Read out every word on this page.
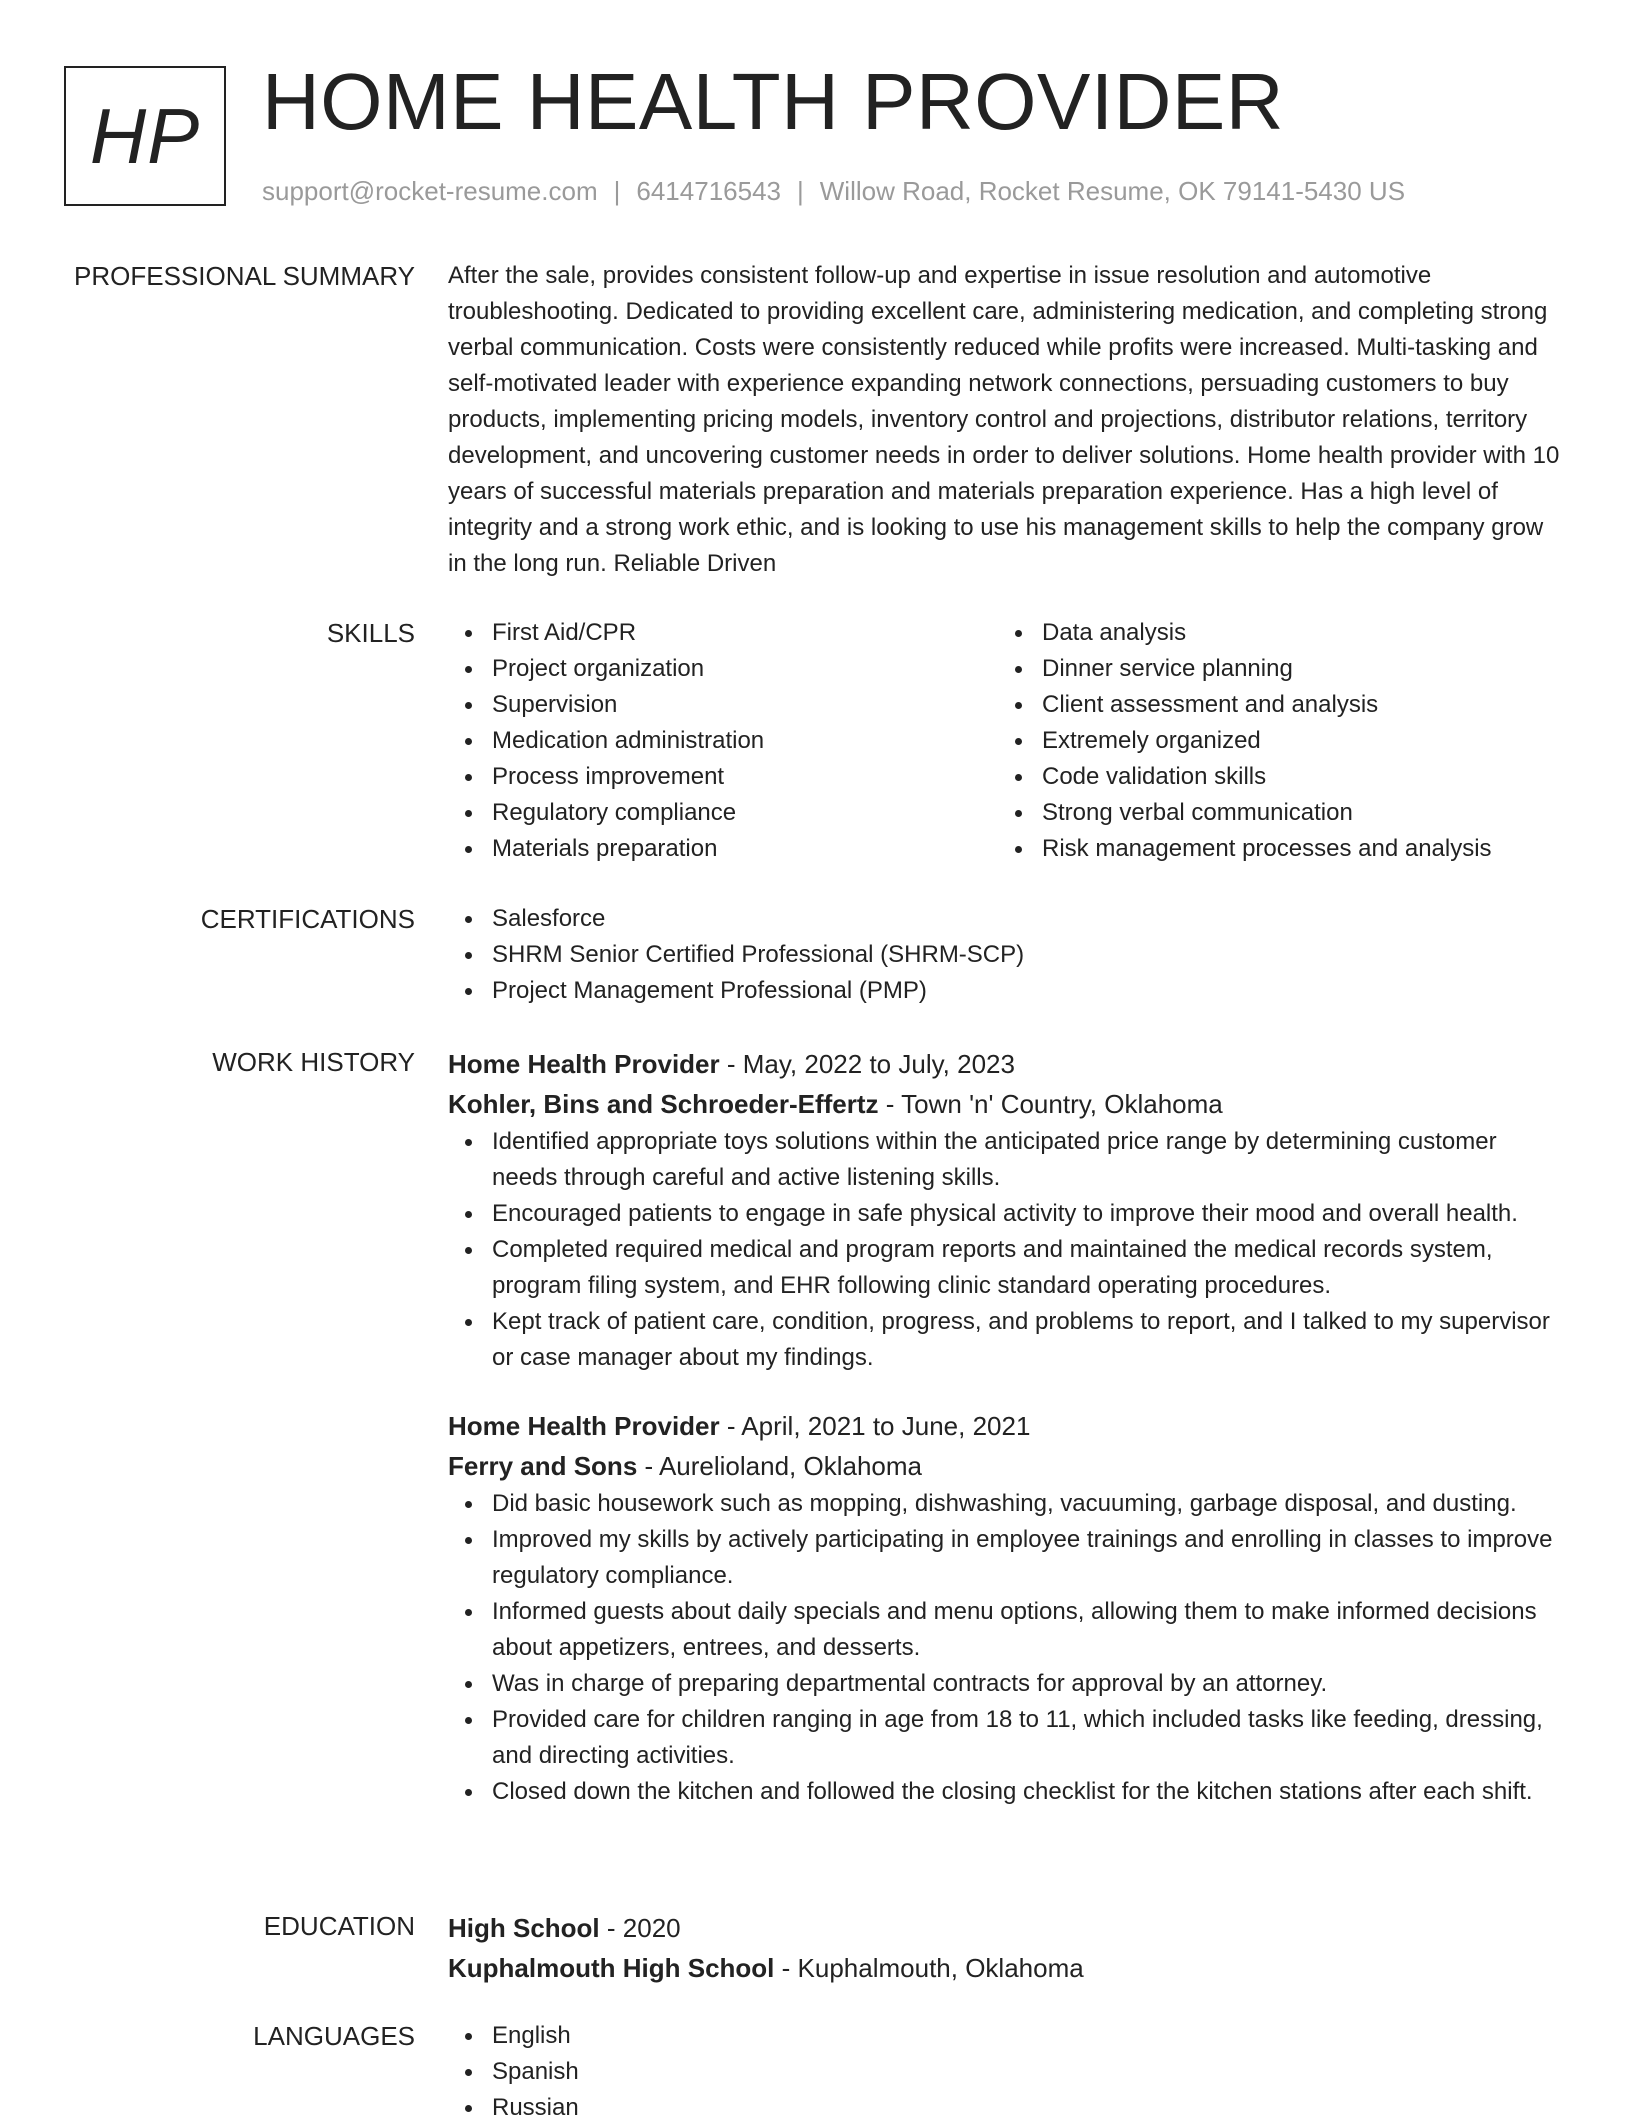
HP HOME HEALTH PROVIDER
support@rocket-resume.com | 6414716543 | Willow Road, Rocket Resume, OK 79141-5430 US
PROFESSIONAL SUMMARY After the sale, provides consistent follow-up and expertise in issue resolution and automotive troubleshooting. Dedicated to providing excellent care, administering medication, and completing strong verbal communication. Costs were consistently reduced while profits were increased. Multi-tasking and self-motivated leader with experience expanding network connections, persuading customers to buy products, implementing pricing models, inventory control and projections, distributor relations, territory development, and uncovering customer needs in order to deliver solutions. Home health provider with 10 years of successful materials preparation and materials preparation experience. Has a high level of integrity and a strong work ethic, and is looking to use his management skills to help the company grow in the long run. Reliable Driven

SKILLS	First Aid/CPR
Project organization
Supervision
Medication administration
Process improvement
Regulatory compliance
Materials preparation
Data analysis
Dinner service planning
Client assessment and analysis
Extremely organized
Code validation skills
Strong verbal communication
Risk management processes and analysis
CERTIFICATIONS	Salesforce
SHRM Senior Certified Professional (SHRM-SCP)
Project Management Professional (PMP)
WORK HISTORY Home Health Provider - May, 2022 to July, 2023
Kohler, Bins and Schroeder-Effertz - Town 'n' Country, Oklahoma
Identified appropriate toys solutions within the anticipated price range by determining customer needs through careful and active listening skills.
Encouraged patients to engage in safe physical activity to improve their mood and overall health.
Completed required medical and program reports and maintained the medical records system, program filing system, and EHR following clinic standard operating procedures.
Kept track of patient care, condition, progress, and problems to report, and I talked to my supervisor or case manager about my findings.
Home Health Provider - April, 2021 to June, 2021
Ferry and Sons - Aurelioland, Oklahoma
Did basic housework such as mopping, dishwashing, vacuuming, garbage disposal, and dusting.
Improved my skills by actively participating in employee trainings and enrolling in classes to improve regulatory compliance.
Informed guests about daily specials and menu options, allowing them to make informed decisions about appetizers, entrees, and desserts.
Was in charge of preparing departmental contracts for approval by an attorney.
Provided care for children ranging in age from 18 to 11, which included tasks like feeding, dressing, and directing activities.
Closed down the kitchen and followed the closing checklist for the kitchen stations after each shift.
EDUCATION High School - 2020
Kuphalmouth High School - Kuphalmouth, Oklahoma
LANGUAGES	English
Spanish
Russian
